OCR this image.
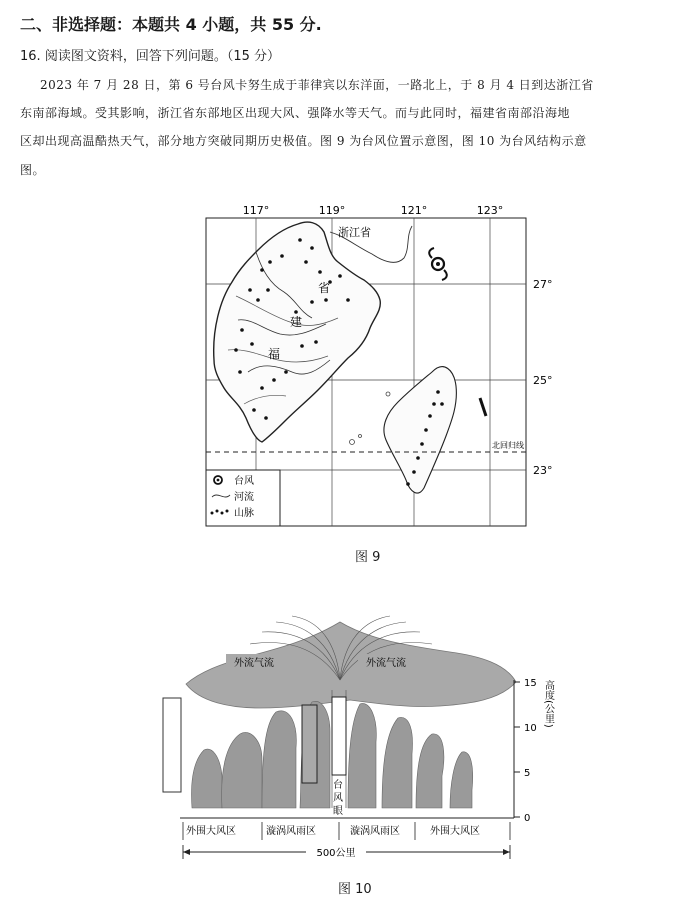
二、非选择题：本题共 4 小题，共 55 分.
16. 阅读图文资料，回答下列问题。（15 分）
2023 年 7 月 28 日，第 6 号台风卡努生成于菲律宾以东洋面，一路北上，于 8 月 4 日到达浙江省
东南部海域。受其影响，浙江省东部地区出现大风、强降水等天气。而与此同时，福建省南部沿海地
区却出现高温酷热天气，部分地方突破同期历史极值。图 9 为台风位置示意图，图 10 为台风结构示意
图。
117°	119°	121°	123°
27°
25°
23°
省
建
福
浙江省
北回归线
台风
河流
山脉
图 9
外流气流	外流气流
台
风
眼
15
10
5
0
高度(公里)
外围大风区	漩涡风雨区	漩涡风雨区	外围大风区
500公里
图 10
